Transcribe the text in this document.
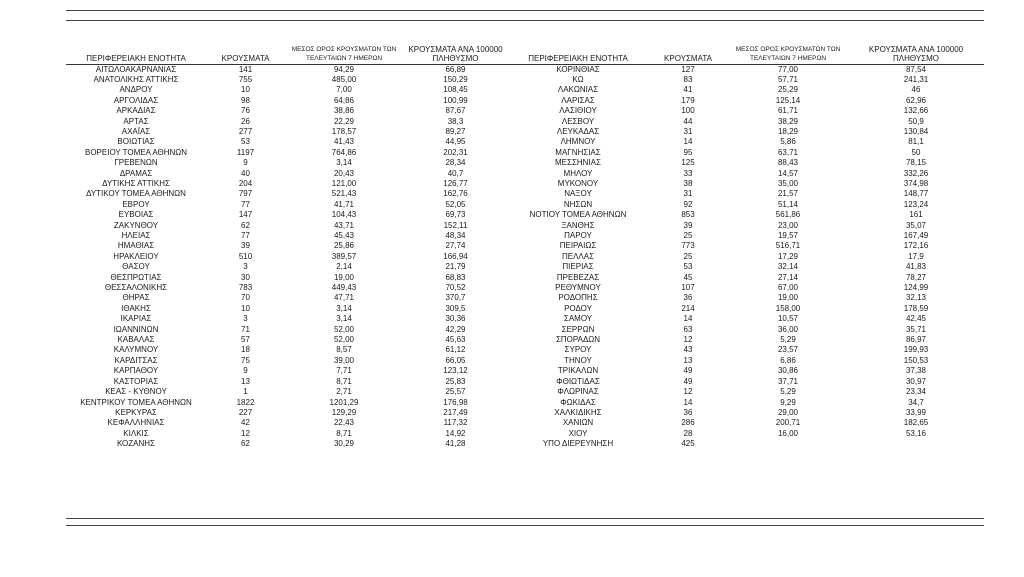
ΠΕΡΙΦΕΡΕΙΑΚΗ ΕΝΟΤΗΤΑ	ΚΡΟΥΣΜΑΤΑ	ΜΕΣΟΣ ΟΡΟΣ ΚΡΟΥΣΜΑΤΩΝ ΤΩΝ ΤΕΛΕΥΤΑΙΩΝ 7 ΗΜΕΡΩΝ	ΚΡΟΥΣΜΑΤΑ ΑΝΑ 100000 ΠΛΗΘΥΣΜΟ	ΠΕΡΙΦΕΡΕΙΑΚΗ ΕΝΟΤΗΤΑ	ΚΡΟΥΣΜΑΤΑ	ΜΕΣΟΣ ΟΡΟΣ ΚΡΟΥΣΜΑΤΩΝ ΤΩΝ ΤΕΛΕΥΤΑΙΩΝ 7 ΗΜΕΡΩΝ	ΚΡΟΥΣΜΑΤΑ ΑΝΑ 100000 ΠΛΗΘΥΣΜΟ
ΑΙΤΩΛΟΑΚΑΡΝΑΝΙΑΣ	141	94,29	66,89	ΚΟΡΙΝΘΙΑΣ	127	77,00	87,54
ΑΝΑΤΟΛΙΚΗΣ ΑΤΤΙΚΗΣ	755	485,00	150,29	ΚΩ	83	57,71	241,31
ΑΝΔΡΟΥ	10	7,00	108,45	ΛΑΚΩΝΙΑΣ	41	25,29	46
ΑΡΓΟΛΙΔΑΣ	98	64,86	100,99	ΛΑΡΙΣΑΣ	179	125,14	62,96
ΑΡΚΑΔΙΑΣ	76	38,86	87,67	ΛΑΣΙΘΙΟΥ	100	61,71	132,66
ΑΡΤΑΣ	26	22,29	38,3	ΛΕΣΒΟΥ	44	38,29	50,9
ΑΧΑΪΑΣ	277	178,57	89,27	ΛΕΥΚΑΔΑΣ	31	18,29	130,84
ΒΟΙΩΤΙΑΣ	53	41,43	44,95	ΛΗΜΝΟΥ	14	5,86	81,1
ΒΟΡΕΙΟΥ ΤΟΜΕΑ ΑΘΗΝΩΝ	1197	764,86	202,31	ΜΑΓΝΗΣΙΑΣ	95	63,71	50
ΓΡΕΒΕΝΩΝ	9	3,14	28,34	ΜΕΣΣΗΝΙΑΣ	125	88,43	78,15
ΔΡΑΜΑΣ	40	20,43	40,7	ΜΗΛΟΥ	33	14,57	332,26
ΔΥΤΙΚΗΣ ΑΤΤΙΚΗΣ	204	121,00	126,77	ΜΥΚΟΝΟΥ	38	35,00	374,98
ΔΥΤΙΚΟΥ ΤΟΜΕΑ ΑΘΗΝΩΝ	797	521,43	162,76	ΝΑΞΟΥ	31	21,57	148,77
ΕΒΡΟΥ	77	41,71	52,05	ΝΗΣΩΝ	92	51,14	123,24
ΕΥΒΟΙΑΣ	147	104,43	69,73	ΝΟΤΙΟΥ ΤΟΜΕΑ ΑΘΗΝΩΝ	853	561,86	161
ΖΑΚΥΝΘΟΥ	62	43,71	152,11	ΞΑΝΘΗΣ	39	23,00	35,07
ΗΛΕΙΑΣ	77	45,43	48,34	ΠΑΡΟΥ	25	19,57	167,49
ΗΜΑΘΙΑΣ	39	25,86	27,74	ΠΕΙΡΑΙΩΣ	773	516,71	172,16
ΗΡΑΚΛΕΙΟΥ	510	389,57	166,94	ΠΕΛΛΑΣ	25	17,29	17,9
ΘΑΣΟΥ	3	2,14	21,79	ΠΙΕΡΙΑΣ	53	32,14	41,83
ΘΕΣΠΡΩΤΙΑΣ	30	19,00	68,83	ΠΡΕΒΕΖΑΣ	45	27,14	78,27
ΘΕΣΣΑΛΟΝΙΚΗΣ	783	449,43	70,52	ΡΕΘΥΜΝΟΥ	107	67,00	124,99
ΘΗΡΑΣ	70	47,71	370,7	ΡΟΔΟΠΗΣ	36	19,00	32,13
ΙΘΑΚΗΣ	10	3,14	309,5	ΡΟΔΟΥ	214	158,00	178,59
ΙΚΑΡΙΑΣ	3	3,14	30,36	ΣΑΜΟΥ	14	10,57	42,45
ΙΩΑΝΝΙΝΩΝ	71	52,00	42,29	ΣΕΡΡΩΝ	63	36,00	35,71
ΚΑΒΑΛΑΣ	57	52,00	45,63	ΣΠΟΡΑΔΩΝ	12	5,29	86,97
ΚΑΛΥΜΝΟΥ	18	8,57	61,12	ΣΥΡΟΥ	43	23,57	199,93
ΚΑΡΔΙΤΣΑΣ	75	39,00	66,05	ΤΗΝΟΥ	13	6,86	150,53
ΚΑΡΠΑΘΟΥ	9	7,71	123,12	ΤΡΙΚΑΛΩΝ	49	30,86	37,38
ΚΑΣΤΟΡΙΑΣ	13	8,71	25,83	ΦΘΙΩΤΙΔΑΣ	49	37,71	30,97
ΚΕΑΣ - ΚΥΘΝΟΥ	1	2,71	25,57	ΦΛΩΡΙΝΑΣ	12	5,29	23,34
ΚΕΝΤΡΙΚΟΥ ΤΟΜΕΑ ΑΘΗΝΩΝ	1822	1201,29	176,98	ΦΩΚΙΔΑΣ	14	9,29	34,7
ΚΕΡΚΥΡΑΣ	227	129,29	217,49	ΧΑΛΚΙΔΙΚΗΣ	36	29,00	33,99
ΚΕΦΑΛΛΗΝΙΑΣ	42	22,43	117,32	ΧΑΝΙΩΝ	286	200,71	182,65
ΚΙΛΚΙΣ	12	8,71	14,92	ΧΙΟΥ	28	16,00	53,16
ΚΟΖΑΝΗΣ	62	30,29	41,28	ΥΠΟ ΔΙΕΡΕΥΝΗΣΗ	425		
